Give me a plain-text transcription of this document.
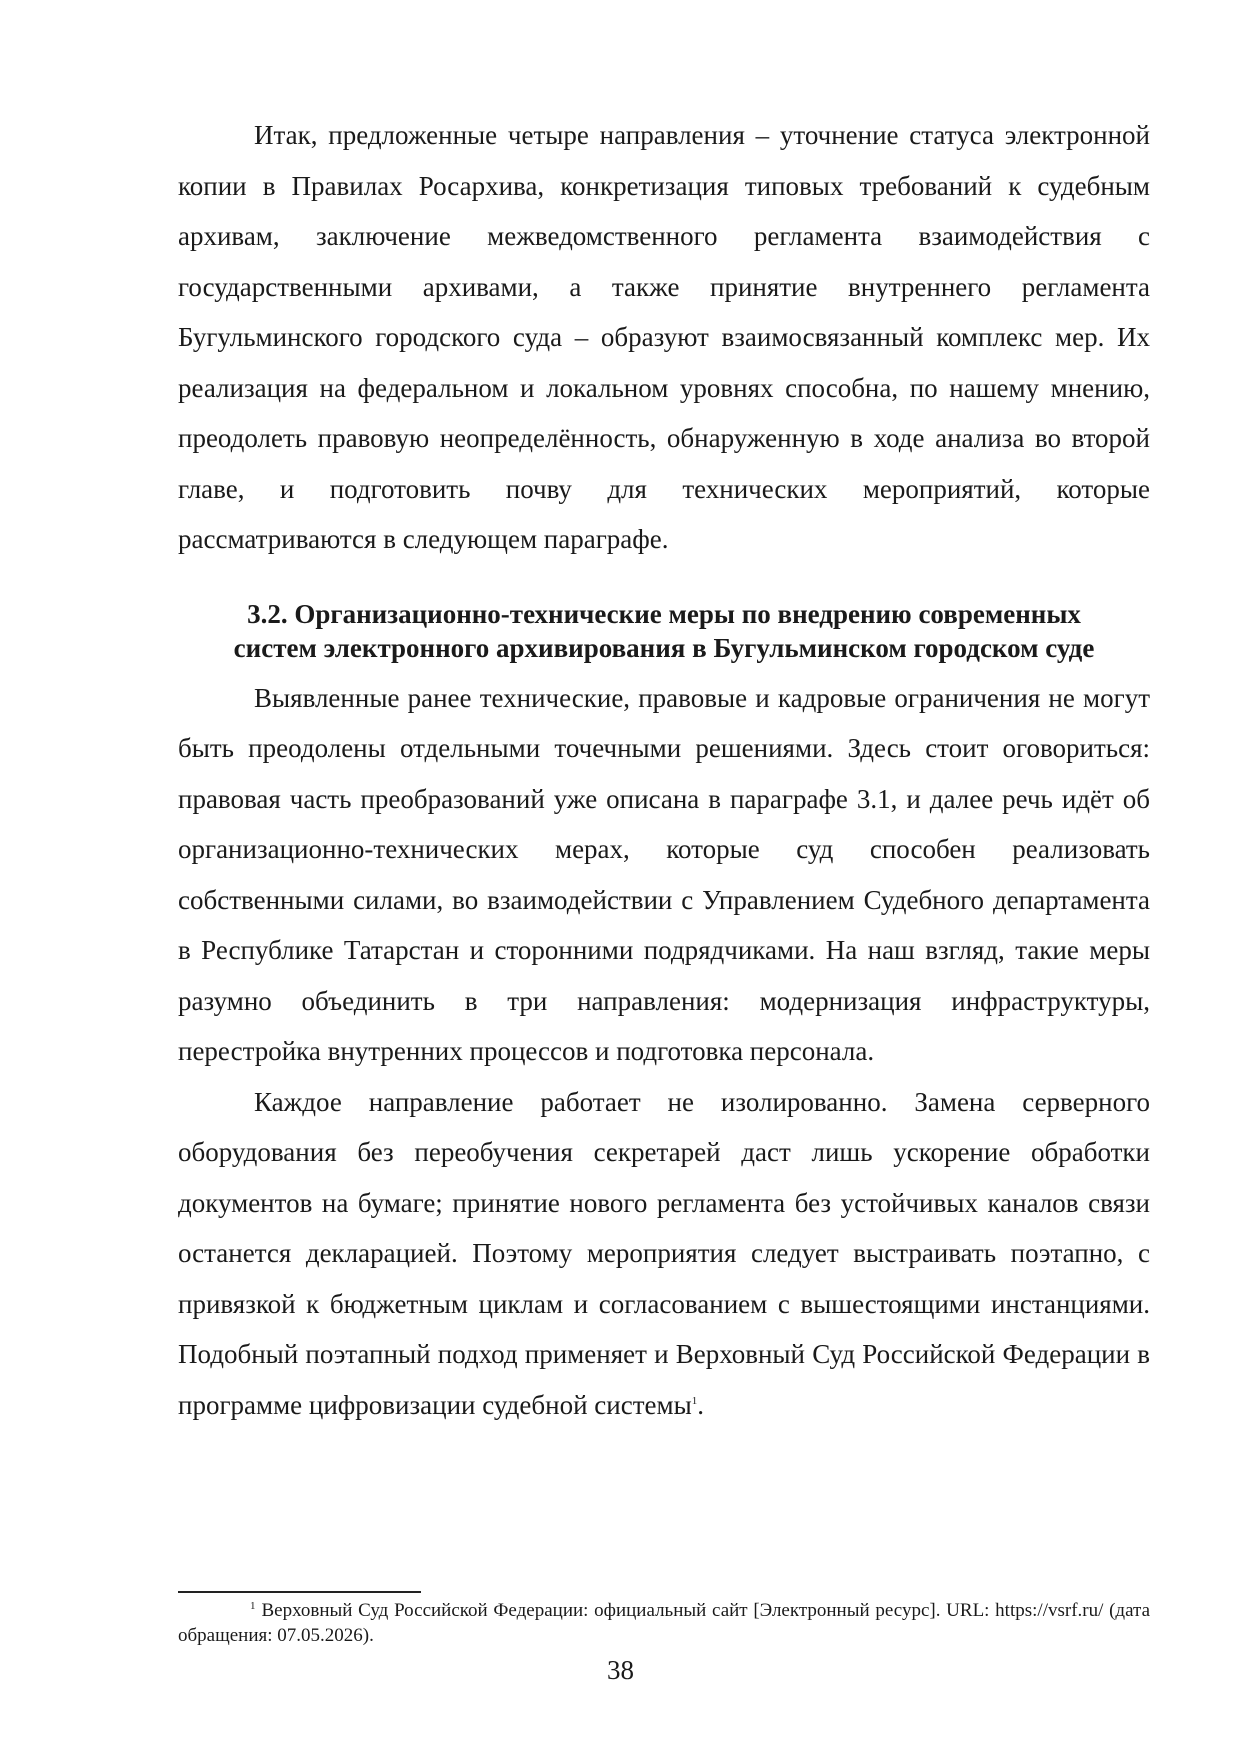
Итак, предложенные четыре направления – уточнение статуса электронной копии в Правилах Росархива, конкретизация типовых требований к судебным архивам, заключение межведомственного регламента взаимодействия с государственными архивами, а также принятие внутреннего регламента Бугульминского городского суда – образуют взаимосвязанный комплекс мер. Их реализация на федеральном и локальном уровнях способна, по нашему мнению, преодолеть правовую неопределённость, обнаруженную в ходе анализа во второй главе, и подготовить почву для технических мероприятий, которые рассматриваются в следующем параграфе.

3.2. Организационно-технические меры по внедрению современных
систем электронного архивирования в Бугульминском городском суде

Выявленные ранее технические, правовые и кадровые ограничения не могут быть преодолены отдельными точечными решениями. Здесь стоит оговориться: правовая часть преобразований уже описана в параграфе 3.1, и далее речь идёт об организационно-технических мерах, которые суд способен реализовать собственными силами, во взаимодействии с Управлением Судебного департамента в Республике Татарстан и сторонними подрядчиками. На наш взгляд, такие меры разумно объединить в три направления: модернизация инфраструктуры, перестройка внутренних процессов и подготовка персонала.

Каждое направление работает не изолированно. Замена серверного оборудования без переобучения секретарей даст лишь ускорение обработки документов на бумаге; принятие нового регламента без устойчивых каналов связи останется декларацией. Поэтому мероприятия следует выстраивать поэтапно, с привязкой к бюджетным циклам и согласованием с вышестоящими инстанциями. Подобный поэтапный подход применяет и Верховный Суд Российской Федерации в программе цифровизации судебной системы$^1$.

$^1$ Верховный Суд Российской Федерации: официальный сайт [Электронный ресурс]. URL: https://vsrf.ru/ (дата обращения: 07.05.2026).

38
